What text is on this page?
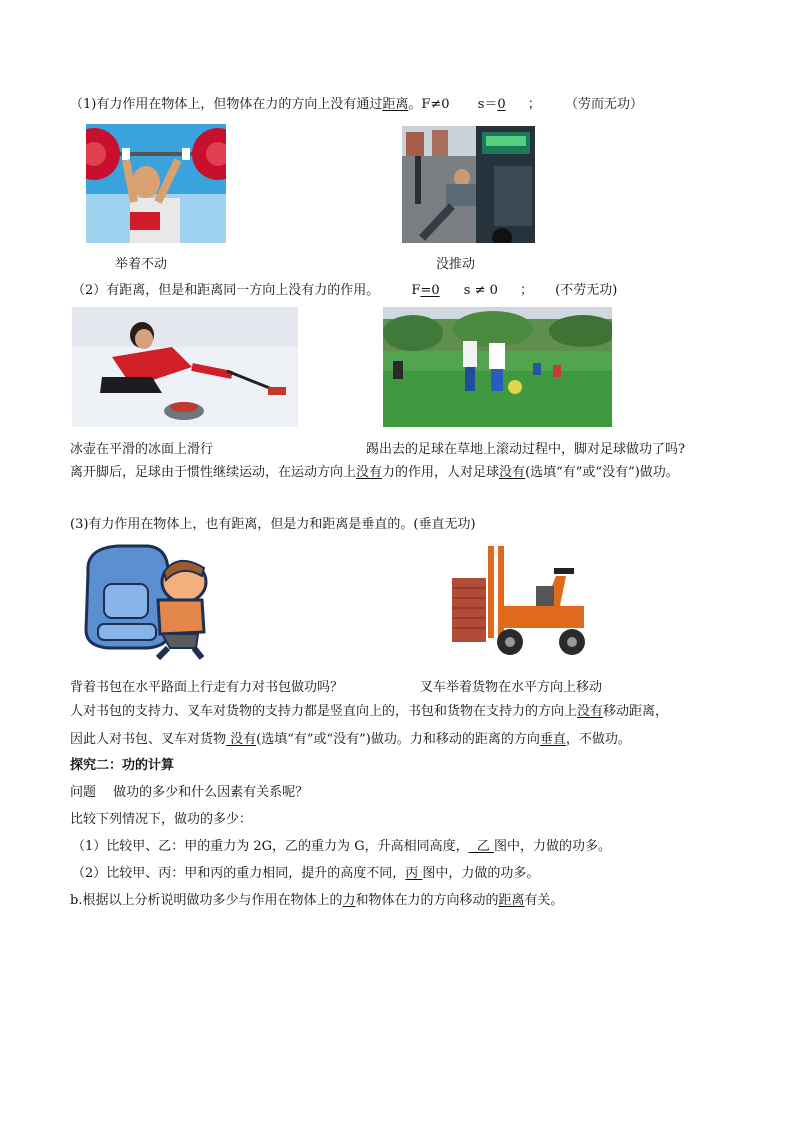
（1)有力作用在物体上，但物体在力的方向上没有通过距离。F≠0 s＝0 ； （劳而无功）
举着不动	没推动
（2）有距离，但是和距离同一方向上没有力的作用。 F=0 s ≠ 0 ； (不劳无功)
冰壶在平滑的冰面上滑行	踢出去的足球在草地上滚动过程中，脚对足球做功了吗?
离开脚后，足球由于惯性继续运动，在运动方向上没有力的作用，人对足球没有(选填“有”或“没有”)做功。
(3)有力作用在物体上，也有距离，但是力和距离是垂直的。(垂直无功)
背着书包在水平路面上行走有力对书包做功吗？	叉车举着货物在水平方向上移动
人对书包的支持力、叉车对货物的支持力都是竖直向上的，书包和货物在支持力的方向上没有移动距离，
因此人对书包、叉车对货物 没有(选填“有”或“没有”)做功。力和移动的距离的方向垂直，不做功。
探究二：功的计算
问题　 做功的多少和什么因素有关系呢？
比较下列情况下，做功的多少：
（1）比较甲、乙：甲的重力为 2G，乙的重力为 G，升高相同高度，  乙 图中，力做的功多。
（2）比较甲、丙：甲和丙的重力相同，提升的高度不同，丙 图中，力做的功多。
b.根据以上分析说明做功多少与作用在物体上的力和物体在力的方向移动的距离有关。
